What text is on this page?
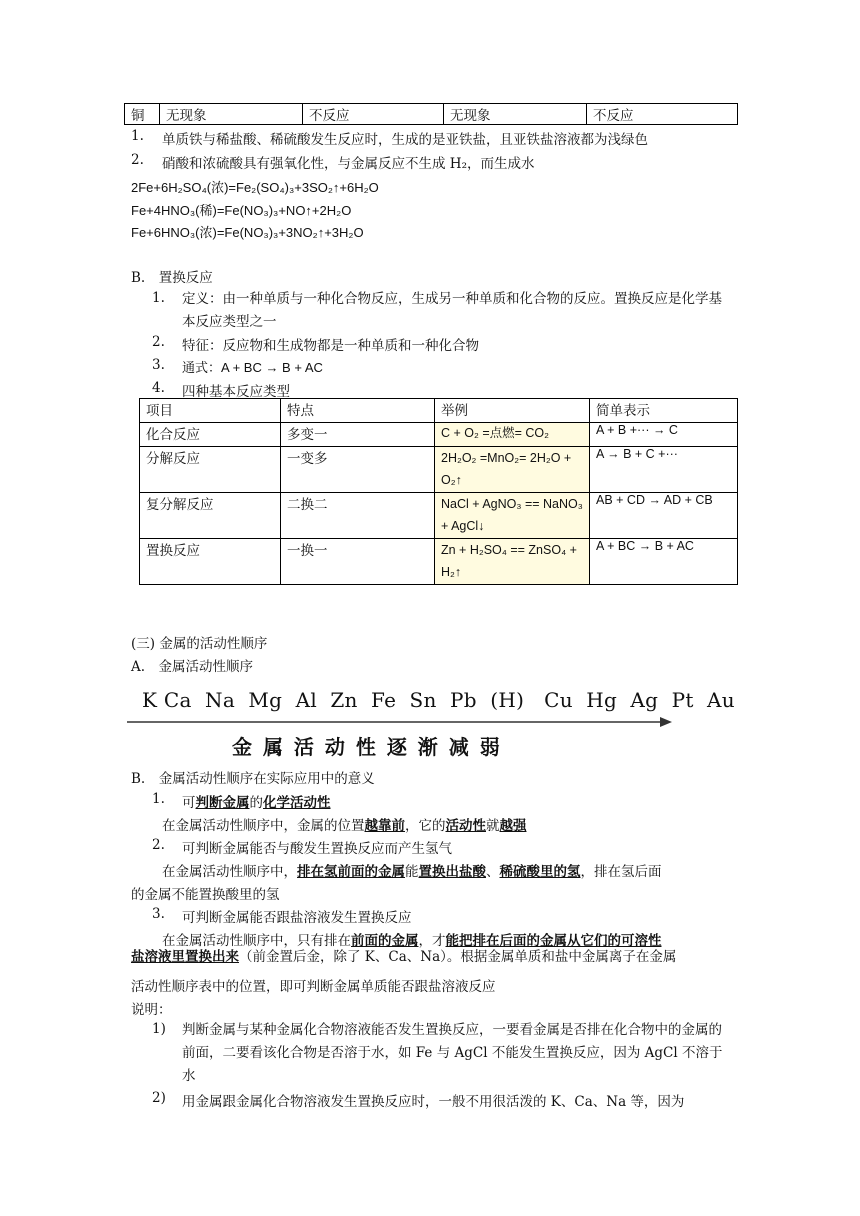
铜	无现象	不反应	无现象	不反应
1. 单质铁与稀盐酸、稀硫酸发生反应时，生成的是亚铁盐，且亚铁盐溶液都为浅绿色
2. 硝酸和浓硫酸具有强氧化性，与金属反应不生成 H₂，而生成水
2Fe+6H₂SO₄(浓)=Fe₂(SO₄)₃+3SO₂↑+6H₂O
Fe+4HNO₃(稀)=Fe(NO₃)₃+NO↑+2H₂O
Fe+6HNO₃(浓)=Fe(NO₃)₃+3NO₂↑+3H₂O
B.　置换反应
1. 定义：由一种单质与一种化合物反应，生成另一种单质和化合物的反应。置换反应是化学基本反应类型之一
2. 特征：反应物和生成物都是一种单质和一种化合物
3. 通式：A + BC → B + AC
4. 四种基本反应类型
项目	特点	举例	简单表示
化合反应	多变一	C + O₂ =点燃= CO₂	A + B +··· → C
分解反应	一变多	2H₂O₂ =MnO₂= 2H₂O + O₂↑	A → B + C +···
复分解反应	二换二	NaCl + AgNO₃ == NaNO₃ + AgCl↓	AB + CD → AD + CB
置换反应	一换一	Zn + H₂SO₄ == ZnSO₄ + H₂↑	A + BC → B + AC
(三) 金属的活动性顺序
A.　金属活动性顺序
K Ca  Na  Mg  Al  Zn  Fe  Sn  Pb  (H)   Cu  Hg  Ag  Pt  Au
金 属 活 动 性 逐 渐 减 弱
B.　金属活动性顺序在实际应用中的意义
1. 可判断金属的化学活动性
在金属活动性顺序中，金属的位置越靠前，它的活动性就越强
2. 可判断金属能否与酸发生置换反应而产生氢气
在金属活动性顺序中，排在氢前面的金属能置换出盐酸、稀硫酸里的氢，排在氢后面
的金属不能置换酸里的氢
3. 可判断金属能否跟盐溶液发生置换反应
在金属活动性顺序中，只有排在前面的金属，才能把排在后面的金属从它们的可溶性
盐溶液里置换出来（前金置后金，除了 K、Ca、Na）。根据金属单质和盐中金属离子在金属
活动性顺序表中的位置，即可判断金属单质能否跟盐溶液反应
说明：
1) 判断金属与某种金属化合物溶液能否发生置换反应，一要看金属是否排在化合物中的金属的前面，二要看该化合物是否溶于水，如 Fe 与 AgCl 不能发生置换反应，因为 AgCl 不溶于水
2) 用金属跟金属化合物溶液发生置换反应时，一般不用很活泼的 K、Ca、Na 等，因为
